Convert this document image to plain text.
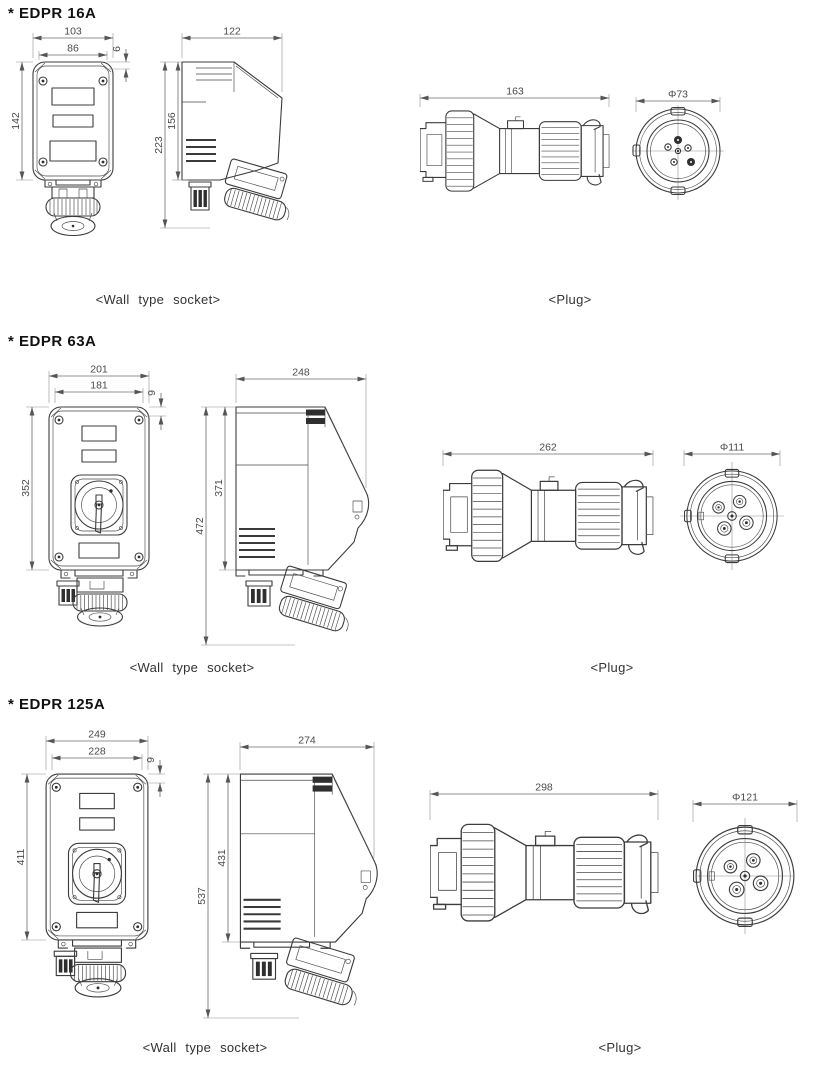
* EDPR 16A
103
86	6
142
122
223
156
163	Φ73
<Wall type socket>	<Plug>
* EDPR 63A
201
181
9
352
248
472
371
262	Φ111
<Wall type socket>	<Plug>
* EDPR 125A
249
228
9
411
274
537
431
298
Φ121
<Wall type socket>	<Plug>
